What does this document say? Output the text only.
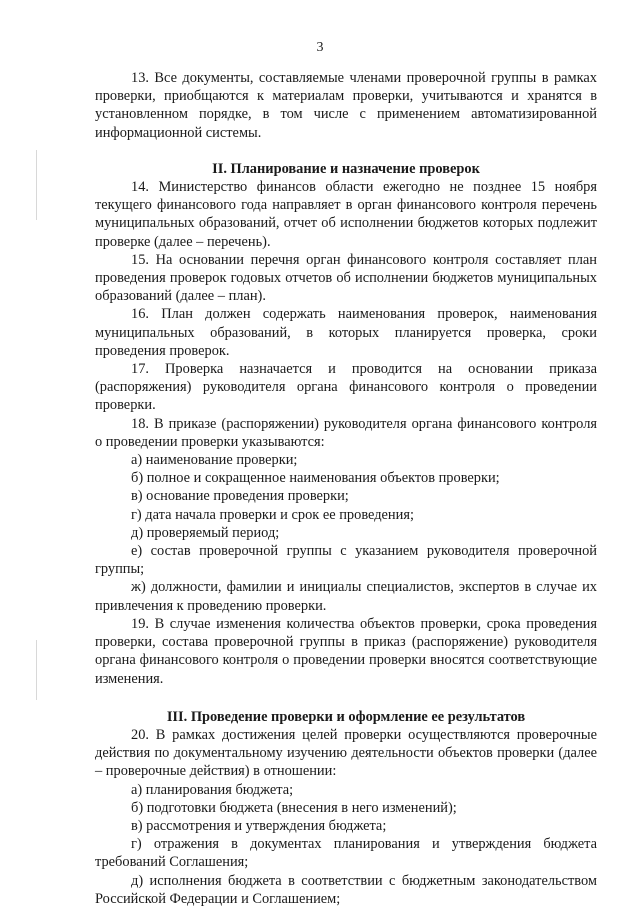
3

13. Все документы, составляемые членами проверочной группы в рамках проверки, приобщаются к материалам проверки, учитываются и хранятся в установленном порядке, в том числе с применением автоматизированной информационной системы.

II. Планирование и назначение проверок

14. Министерство финансов области ежегодно не позднее 15 ноября текущего финансового года направляет в орган финансового контроля перечень муниципальных образований, отчет об исполнении бюджетов которых подлежит проверке (далее – перечень).

15. На основании перечня орган финансового контроля составляет план проведения проверок годовых отчетов об исполнении бюджетов муниципальных образований (далее – план).

16. План должен содержать наименования проверок, наименования муниципальных образований, в которых планируется проверка, сроки проведения проверок.

17. Проверка назначается и проводится на основании приказа (распоряжения) руководителя органа финансового контроля о проведении проверки.

18. В приказе (распоряжении) руководителя органа финансового контроля о проведении проверки указываются:

а) наименование проверки;

б) полное и сокращенное наименования объектов проверки;

в) основание проведения проверки;

г) дата начала проверки и срок ее проведения;

д) проверяемый период;

е) состав проверочной группы с указанием руководителя проверочной группы;

ж) должности, фамилии и инициалы специалистов, экспертов в случае их привлечения к проведению проверки.

19. В случае изменения количества объектов проверки, срока проведения проверки, состава проверочной группы в приказ (распоряжение) руководителя органа финансового контроля о проведении проверки вносятся соответствующие изменения.

III. Проведение проверки и оформление ее результатов

20. В рамках достижения целей проверки осуществляются проверочные действия по документальному изучению деятельности объектов проверки (далее – проверочные действия) в отношении:

а) планирования бюджета;

б) подготовки бюджета (внесения в него изменений);

в) рассмотрения и утверждения бюджета;

г) отражения в документах планирования и утверждения бюджета требований Соглашения;

д) исполнения бюджета в соответствии с бюджетным законодательством Российской Федерации и Соглашением;
